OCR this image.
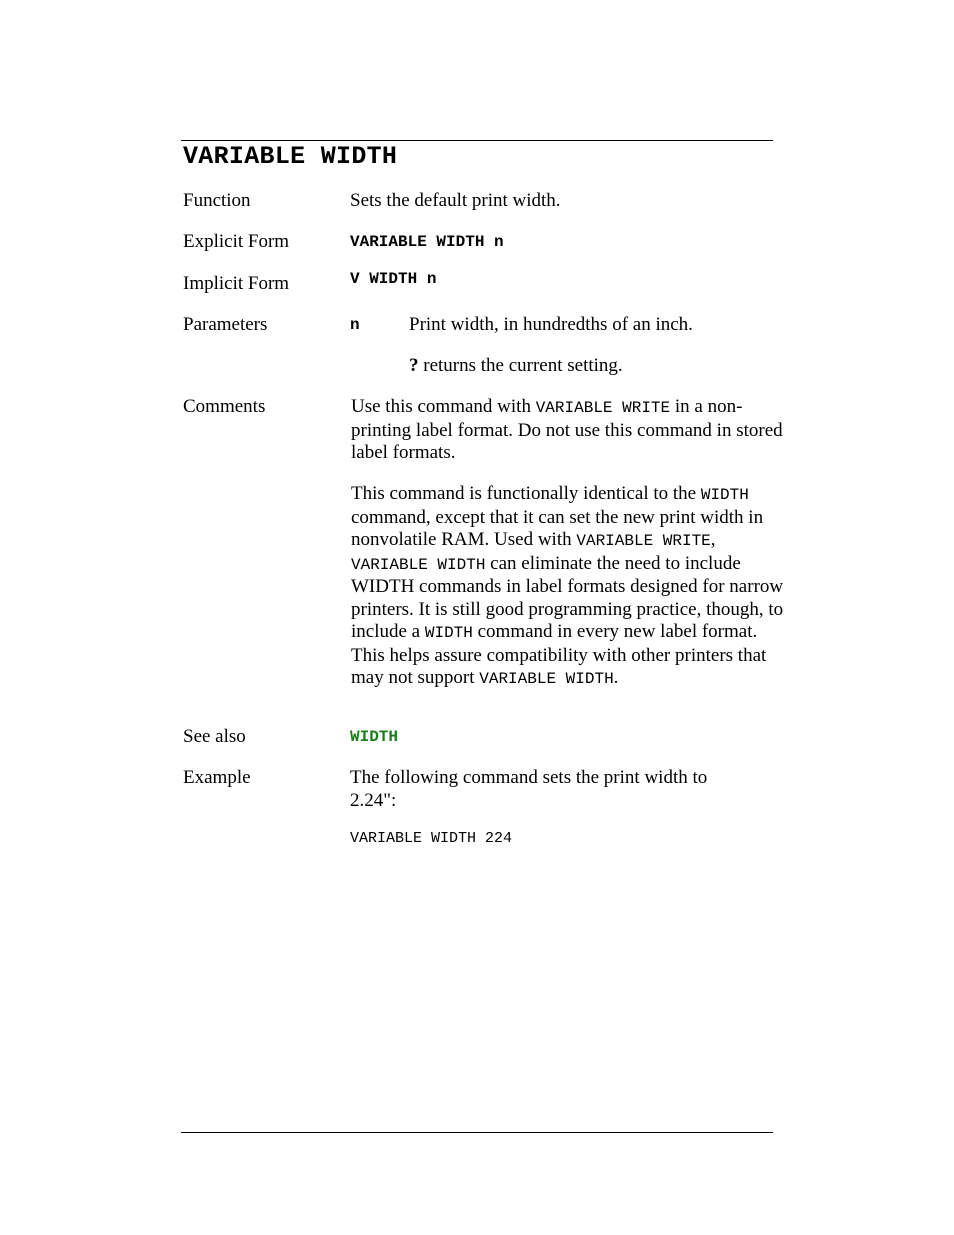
VARIABLE WIDTH
Function	Sets the default print width.
Explicit Form	VARIABLE WIDTH n
Implicit Form	V WIDTH n
Parameters	n	Print width, in hundredths of an inch.
? returns the current setting.
Comments	Use this command with VARIABLE WRITE in a non-printing label format. Do not use this command in stored label formats.

This command is functionally identical to the WIDTH command, except that it can set the new print width in nonvolatile RAM. Used with VARIABLE WRITE, VARIABLE WIDTH can eliminate the need to include WIDTH commands in label formats designed for narrow printers. It is still good programming practice, though, to include a WIDTH command in every new label format. This helps assure compatibility with other printers that may not support VARIABLE WIDTH.

See also	WIDTH
Example	The following command sets the print width to 2.24":

VARIABLE WIDTH 224
